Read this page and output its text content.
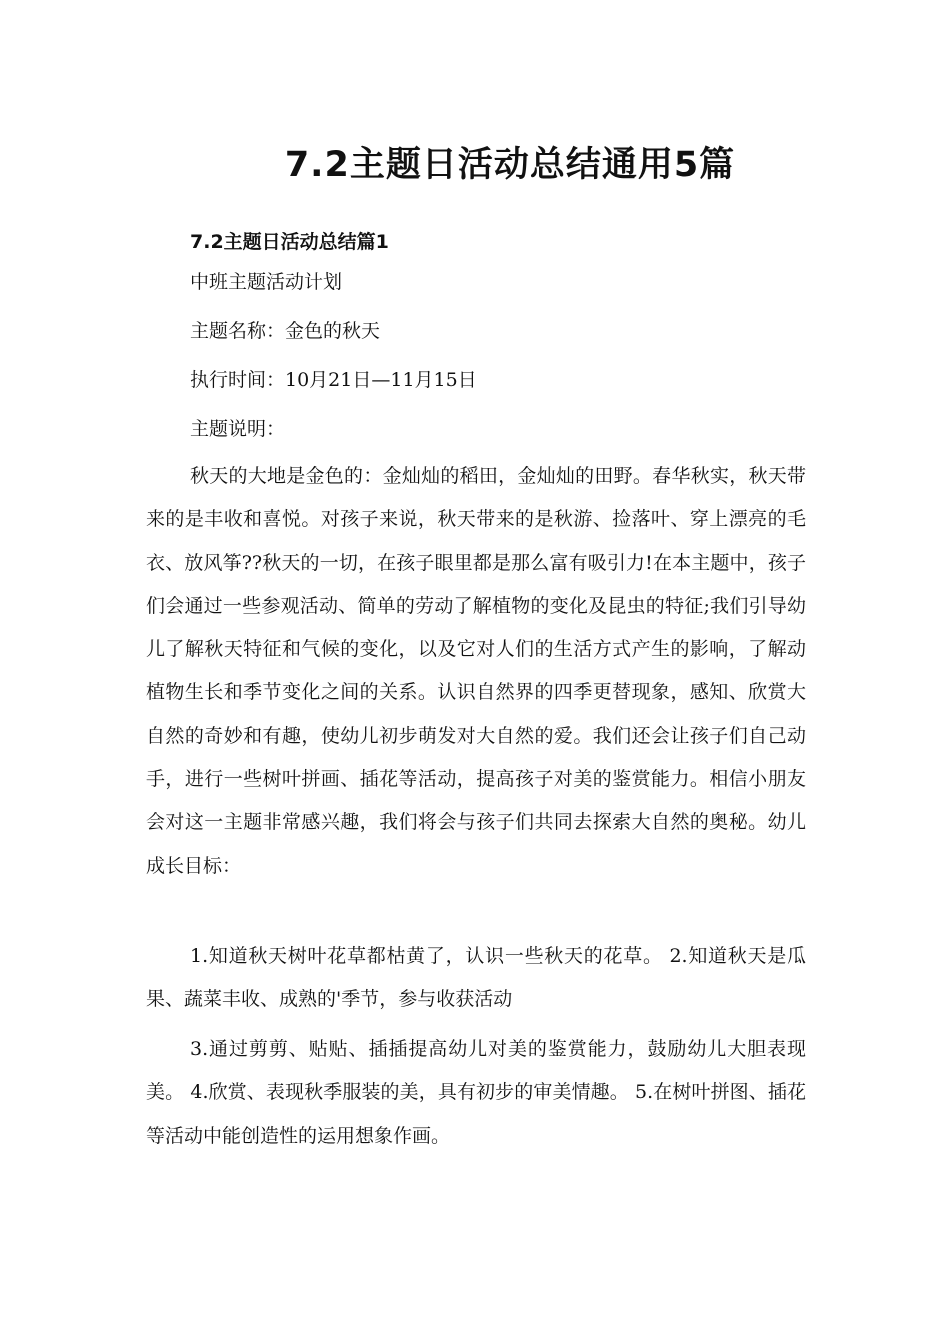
7.2主题日活动总结通用5篇
7.2主题日活动总结篇1

中班主题活动计划

主题名称：金色的秋天

执行时间：10月21日—11月15日

主题说明：

秋天的大地是金色的：金灿灿的稻田，金灿灿的田野。春华秋实，秋天带来的是丰收和喜悦。对孩子来说，秋天带来的是秋游、捡落叶、穿上漂亮的毛衣、放风筝??秋天的一切，在孩子眼里都是那么富有吸引力!在本主题中，孩子们会通过一些参观活动、简单的劳动了解植物的变化及昆虫的特征;我们引导幼儿了解秋天特征和气候的变化，以及它对人们的生活方式产生的影响，了解动植物生长和季节变化之间的关系。认识自然界的四季更替现象，感知、欣赏大自然的奇妙和有趣，使幼儿初步萌发对大自然的爱。我们还会让孩子们自己动手，进行一些树叶拼画、插花等活动，提高孩子对美的鉴赏能力。相信小朋友会对这一主题非常感兴趣，我们将会与孩子们共同去探索大自然的奥秘。幼儿成长目标：

1.知道秋天树叶花草都枯黄了，认识一些秋天的花草。 2.知道秋天是瓜果、蔬菜丰收、成熟的'季节，参与收获活动

3.通过剪剪、贴贴、插插提高幼儿对美的鉴赏能力，鼓励幼儿大胆表现美。 4.欣赏、表现秋季服装的美，具有初步的审美情趣。 5.在树叶拼图、插花等活动中能创造性的运用想象作画。
